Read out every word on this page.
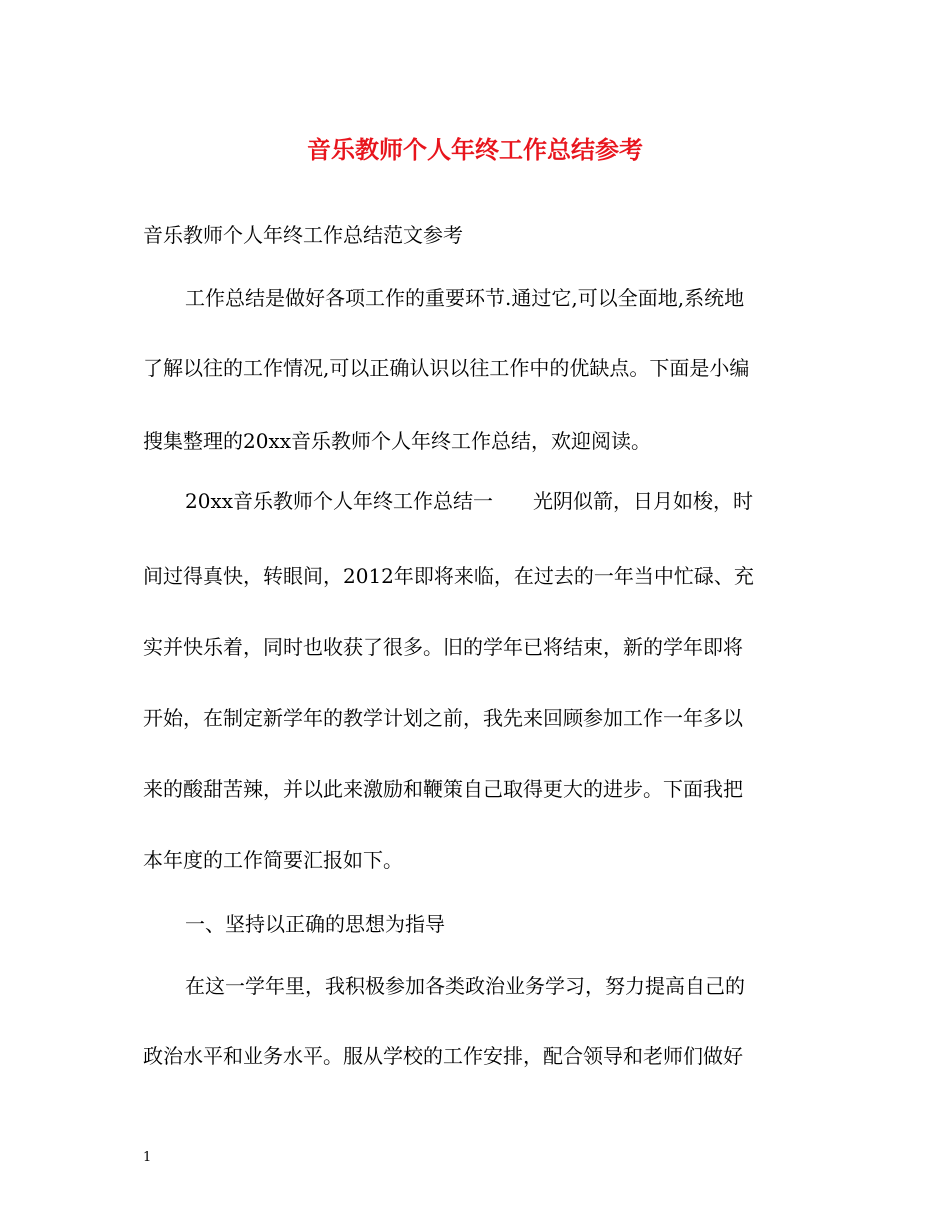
音乐教师个人年终工作总结参考
音乐教师个人年终工作总结范文参考
工作总结是做好各项工作的重要环节.通过它,可以全面地,系统地
了解以往的工作情况,可以正确认识以往工作中的优缺点。下面是小编
搜集整理的20xx音乐教师个人年终工作总结，欢迎阅读。
20xx音乐教师个人年终工作总结一　　光阴似箭，日月如梭，时
间过得真快，转眼间，2012年即将来临，在过去的一年当中忙碌、充
实并快乐着，同时也收获了很多。旧的学年已将结束，新的学年即将
开始，在制定新学年的教学计划之前，我先来回顾参加工作一年多以
来的酸甜苦辣，并以此来激励和鞭策自己取得更大的进步。下面我把
本年度的工作简要汇报如下。
一、坚持以正确的思想为指导
在这一学年里，我积极参加各类政治业务学习，努力提高自己的
政治水平和业务水平。服从学校的工作安排，配合领导和老师们做好
1
